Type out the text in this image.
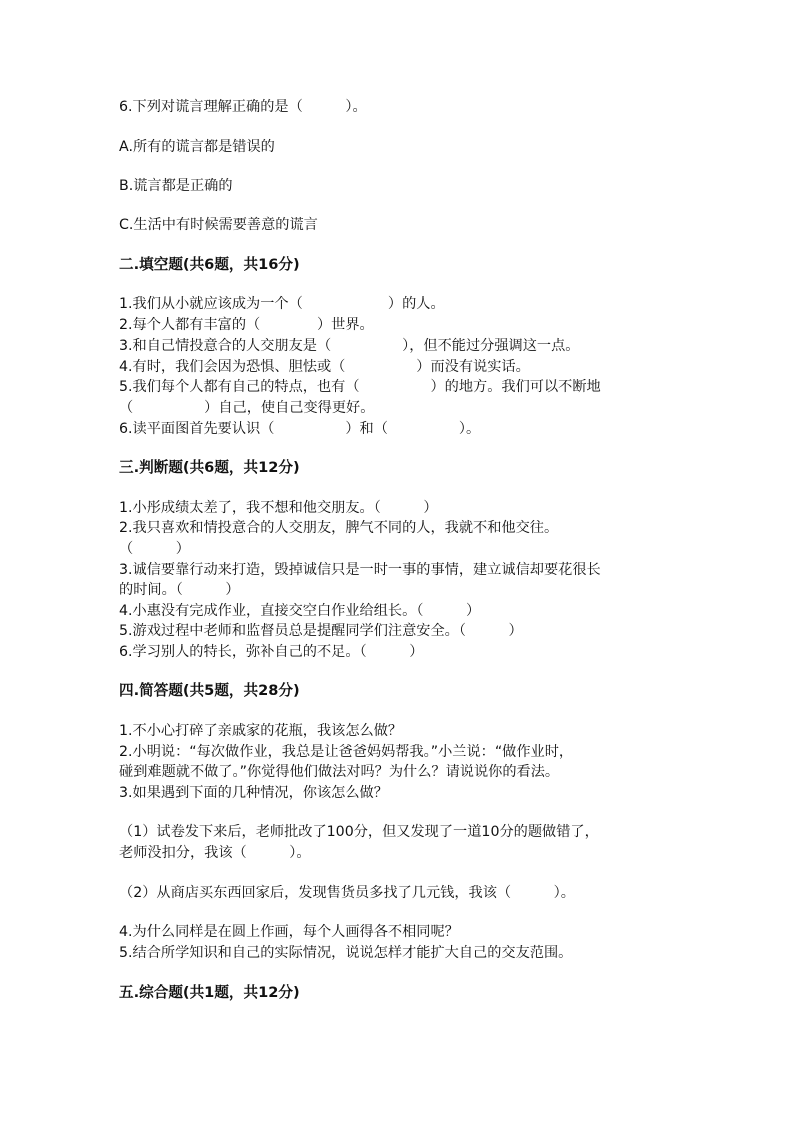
6.下列对谎言理解正确的是（　　　）。
A.所有的谎言都是错误的
B.谎言都是正确的
C.生活中有时候需要善意的谎言
二.填空题(共6题，共16分)
1.我们从小就应该成为一个（　　　　　　）的人。
2.每个人都有丰富的（　　　　）世界。
3.和自己情投意合的人交朋友是（　　　　　），但不能过分强调这一点。
4.有时，我们会因为恐惧、胆怯或（　　　　　）而没有说实话。
5.我们每个人都有自己的特点，也有（　　　　　）的地方。我们可以不断地
（　　　　　）自己，使自己变得更好。
6.读平面图首先要认识（　　　　　）和（　　　　　）。
三.判断题(共6题，共12分)
1.小彤成绩太差了，我不想和他交朋友。（　　　）
2.我只喜欢和情投意合的人交朋友，脾气不同的人，我就不和他交往。
（　　　）
3.诚信要靠行动来打造，毁掉诚信只是一时一事的事情，建立诚信却要花很长
的时间。（　　　）
4.小惠没有完成作业，直接交空白作业给组长。（　　　）
5.游戏过程中老师和监督员总是提醒同学们注意安全。（　　　）
6.学习别人的特长，弥补自己的不足。（　　　）
四.简答题(共5题，共28分)
1.不小心打碎了亲戚家的花瓶，我该怎么做？
2.小明说：“每次做作业，我总是让爸爸妈妈帮我。”小兰说：“做作业时，
碰到难题就不做了。”你觉得他们做法对吗？为什么？请说说你的看法。
3.如果遇到下面的几种情况，你该怎么做？
（1）试卷发下来后，老师批改了100分，但又发现了一道10分的题做错了，
老师没扣分，我该（　　　）。
（2）从商店买东西回家后，发现售货员多找了几元钱，我该（　　　）。
4.为什么同样是在圆上作画，每个人画得各不相同呢？
5.结合所学知识和自己的实际情况，说说怎样才能扩大自己的交友范围。
五.综合题(共1题，共12分)
